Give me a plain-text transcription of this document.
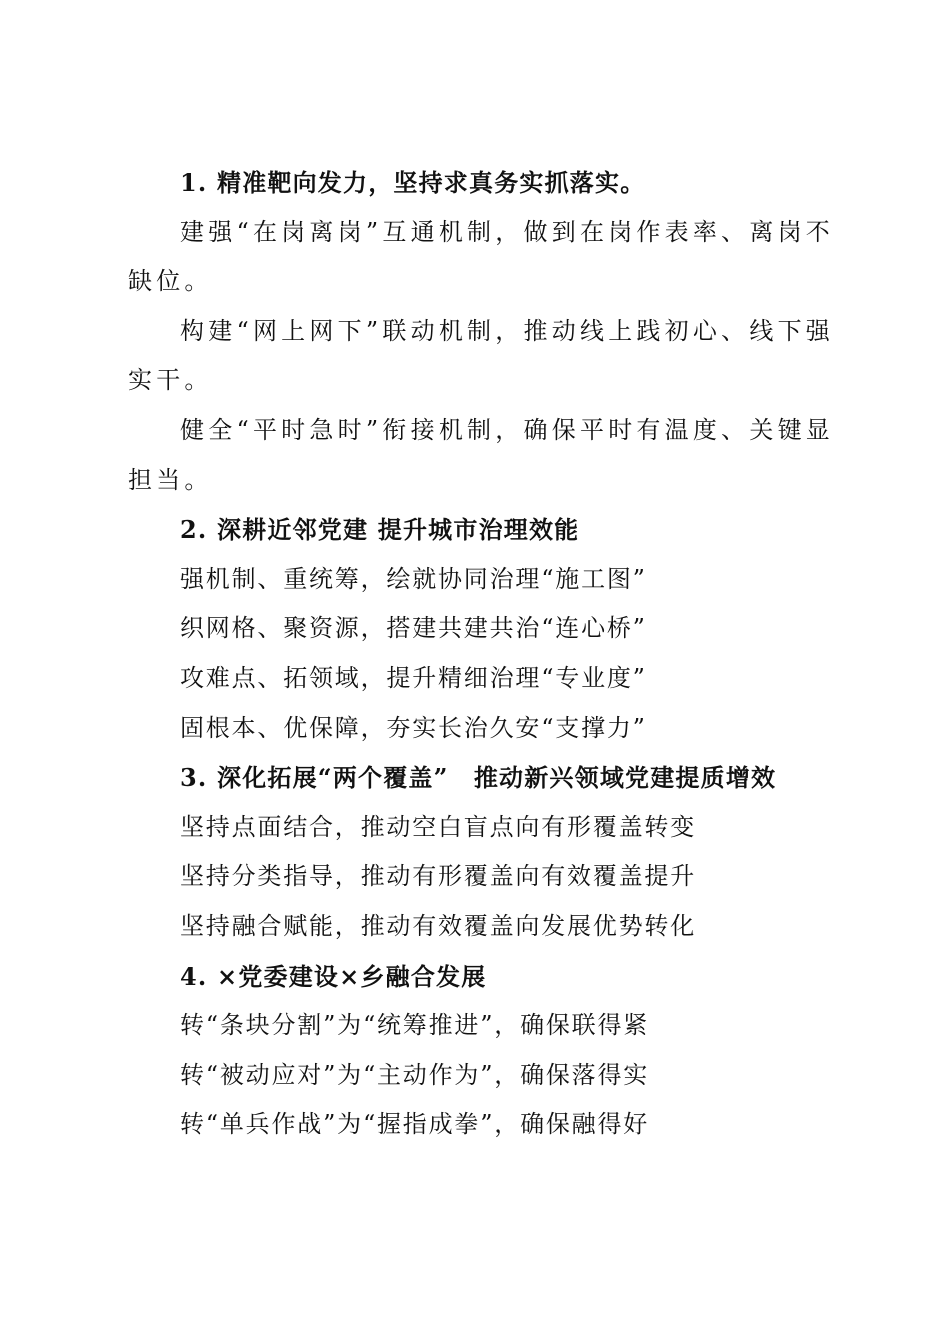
1. 精准靶向发力，坚持求真务实抓落实。
建强“在岗离岗”互通机制，做到在岗作表率、离岗不缺位。
构建“网上网下”联动机制，推动线上践初心、线下强实干。
健全“平时急时”衔接机制，确保平时有温度、关键显担当。
2. 深耕近邻党建 提升城市治理效能
强机制、重统筹，绘就协同治理“施工图”
织网格、聚资源，搭建共建共治“连心桥”
攻难点、拓领域，提升精细治理“专业度”
固根本、优保障，夯实长治久安“支撑力”
3. 深化拓展“两个覆盖”　推动新兴领域党建提质增效
坚持点面结合，推动空白盲点向有形覆盖转变
坚持分类指导，推动有形覆盖向有效覆盖提升
坚持融合赋能，推动有效覆盖向发展优势转化
4. ×党委建设×乡融合发展
转“条块分割”为“统筹推进”，确保联得紧
转“被动应对”为“主动作为”，确保落得实
转“单兵作战”为“握指成拳”，确保融得好
